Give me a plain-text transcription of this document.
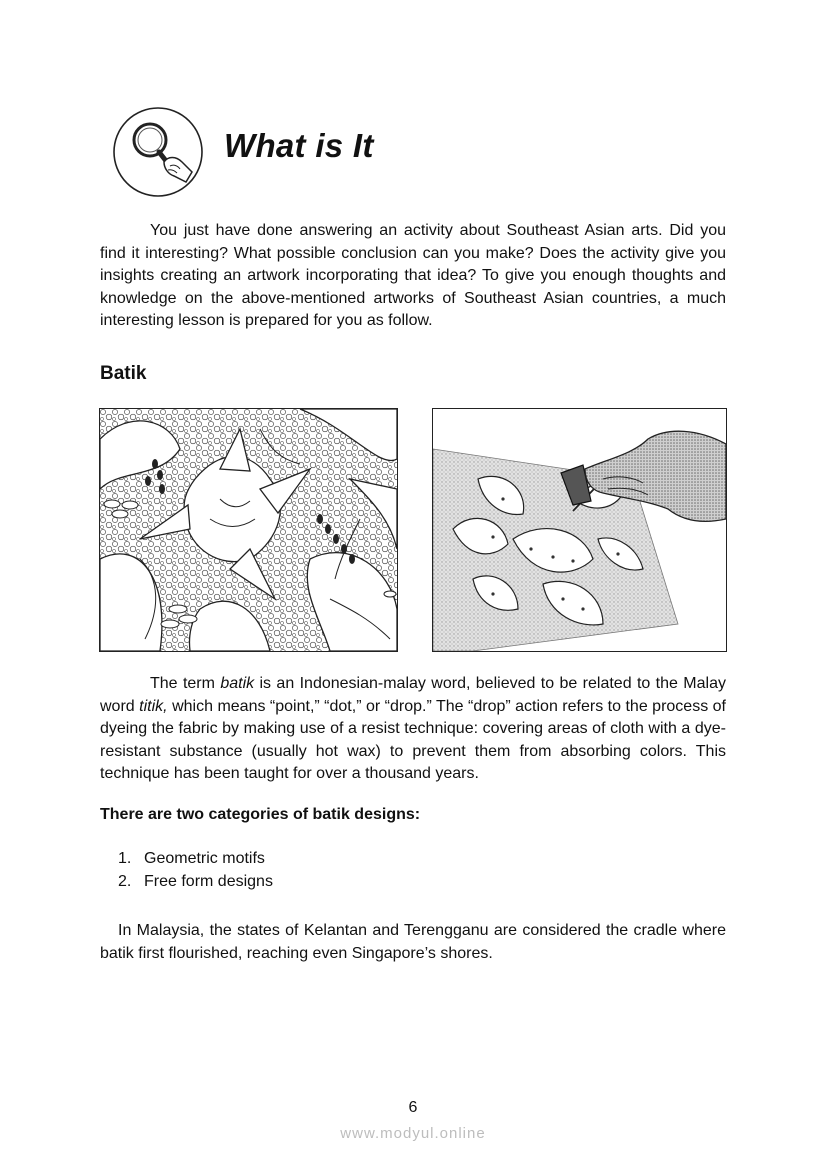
What is It

You just have done answering an activity about Southeast Asian arts. Did you find it interesting? What possible conclusion can you make? Does the activity give you insights creating an artwork incorporating that idea? To give you enough thoughts and knowledge on the above-mentioned artworks of Southeast Asian countries, a much interesting lesson is prepared for you as follow.

Batik

The term batik is an Indonesian-malay word, believed to be related to the Malay word titik, which means “point,” “dot,” or “drop.” The “drop” action refers to the process of dyeing the fabric by making use of a resist technique: covering areas of cloth with a dye-resistant substance (usually hot wax) to prevent them from absorbing colors. This technique has been taught for over a thousand years.

There are two categories of batik designs:
1. Geometric motifs
2. Free form designs

In Malaysia, the states of Kelantan and Terengganu are considered the cradle where batik first flourished, reaching even Singapore’s shores.

6
www.modyul.online
